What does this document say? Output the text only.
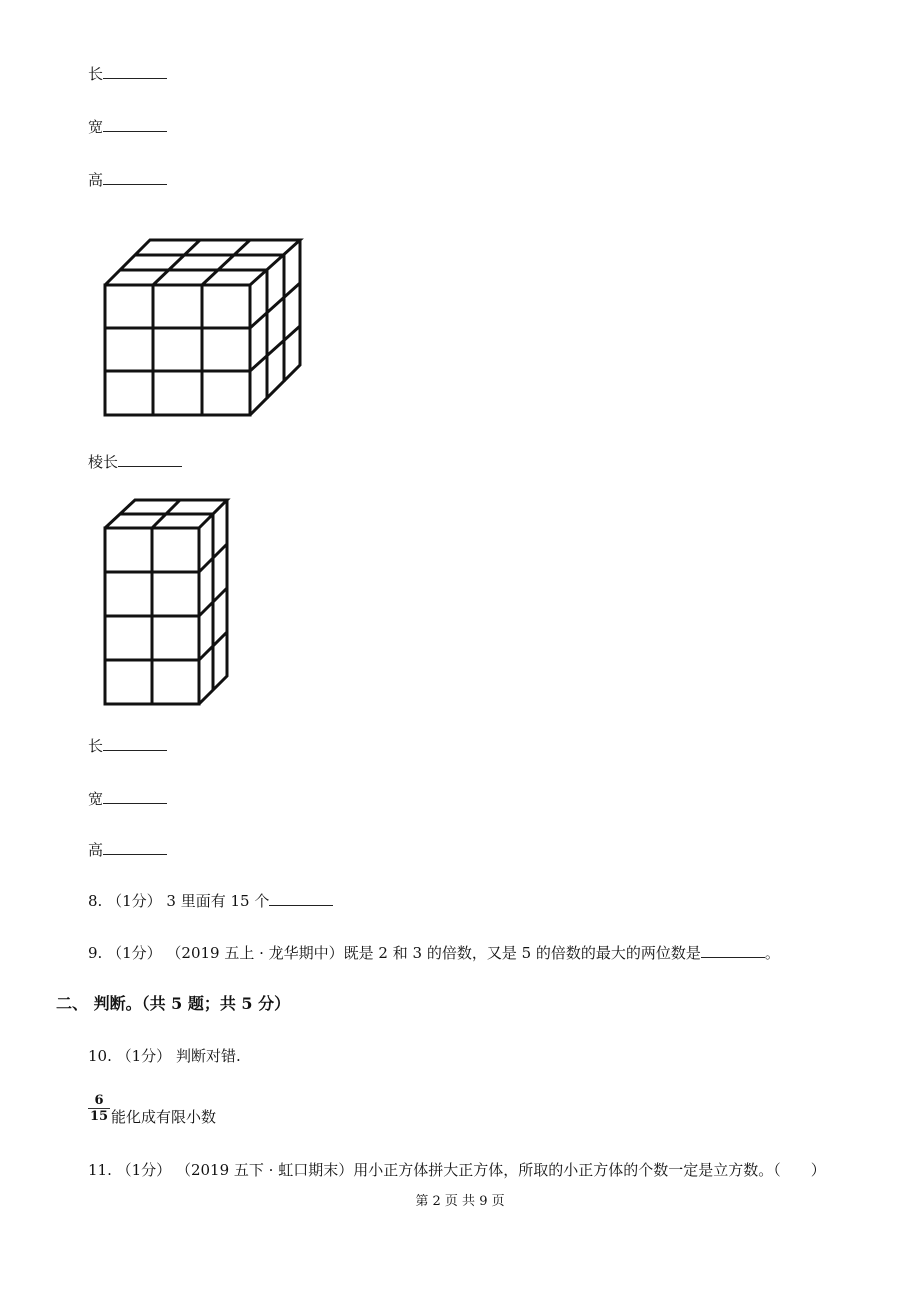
长
宽
高
棱长
长
宽
高
8. （1分） 3 里面有 15 个
9. （1分） （2019 五上 · 龙华期中）既是 2 和 3 的倍数，又是 5 的倍数的最大的两位数是	。
二、 判断。（共 5 题；共 5 分）
10. （1分） 判断对错.
6
15 能化成有限小数
11. （1分） （2019 五下 · 虹口期末）用小正方体拼大正方体，所取的小正方体的个数一定是立方数。（　　）
第 2 页 共 9 页
